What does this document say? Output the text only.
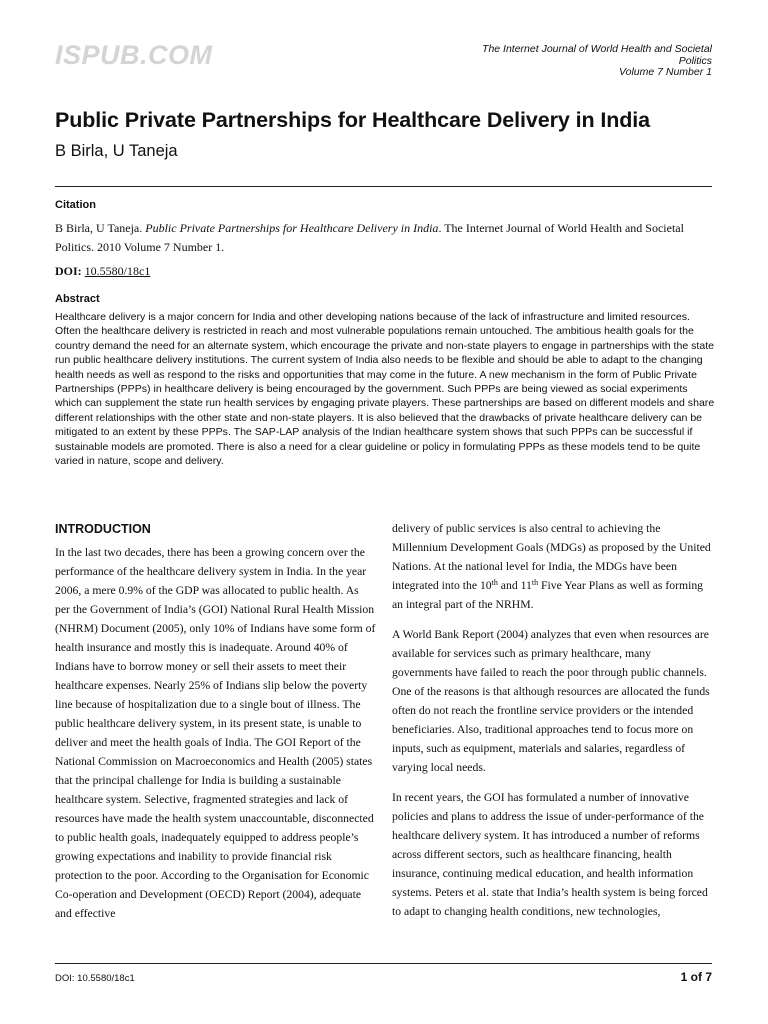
ISPUB.COM	The Internet Journal of World Health and Societal
Politics
Volume 7 Number 1
Public Private Partnerships for Healthcare Delivery in India
B Birla, U Taneja
Citation
B Birla, U Taneja. Public Private Partnerships for Healthcare Delivery in India. The Internet Journal of World Health and Societal Politics. 2010 Volume 7 Number 1.
DOI: 10.5580/18c1
Abstract
Healthcare delivery is a major concern for India and other developing nations because of the lack of infrastructure and limited resources. Often the healthcare delivery is restricted in reach and most vulnerable populations remain untouched. The ambitious health goals for the country demand the need for an alternate system, which encourage the private and non-state players to engage in partnerships with the state run public healthcare delivery institutions. The current system of India also needs to be flexible and should be able to adapt to the changing health needs as well as respond to the risks and opportunities that may come in the future. A new mechanism in the form of Public Private Partnerships (PPPs) in healthcare delivery is being encouraged by the government. Such PPPs are being viewed as social experiments which can supplement the state run health services by engaging private players. These partnerships are based on different models and share different relationships with the other state and non-state players. It is also believed that the drawbacks of private healthcare delivery can be mitigated to an extent by these PPPs. The SAP-LAP analysis of the Indian healthcare system shows that such PPPs can be successful if sustainable models are promoted. There is also a need for a clear guideline or policy in formulating PPPs as these models tend to be quite varied in nature, scope and delivery.
INTRODUCTION

In the last two decades, there has been a growing concern over the performance of the healthcare delivery system in India. In the year 2006, a mere 0.9% of the GDP was allocated to public health. As per the Government of India’s (GOI) National Rural Health Mission (NHRM) Document (2005), only 10% of Indians have some form of health insurance and mostly this is inadequate. Around 40% of Indians have to borrow money or sell their assets to meet their healthcare expenses. Nearly 25% of Indians slip below the poverty line because of hospitalization due to a single bout of illness. The public healthcare delivery system, in its present state, is unable to deliver and meet the health goals of India. The GOI Report of the National Commission on Macroeconomics and Health (2005) states that the principal challenge for India is building a sustainable healthcare system. Selective, fragmented strategies and lack of resources have made the health system unaccountable, disconnected to public health goals, inadequately equipped to address people’s growing expectations and inability to provide financial risk protection to the poor. According to the Organisation for Economic Co-operation and Development (OECD) Report (2004), adequate and effective

delivery of public services is also central to achieving the Millennium Development Goals (MDGs) as proposed by the United Nations. At the national level for India, the MDGs have been integrated into the 10th and 11th Five Year Plans as well as forming an integral part of the NRHM.

A World Bank Report (2004) analyzes that even when resources are available for services such as primary healthcare, many governments have failed to reach the poor through public channels. One of the reasons is that although resources are allocated the funds often do not reach the frontline service providers or the intended beneficiaries. Also, traditional approaches tend to focus more on inputs, such as equipment, materials and salaries, regardless of varying local needs.

In recent years, the GOI has formulated a number of innovative policies and plans to address the issue of under-performance of the healthcare delivery system. It has introduced a number of reforms across different sectors, such as healthcare financing, health insurance, continuing medical education, and health information systems. Peters et al. state that India’s health system is being forced to adapt to changing health conditions, new technologies,

DOI: 10.5580/18c1	1 of 7
